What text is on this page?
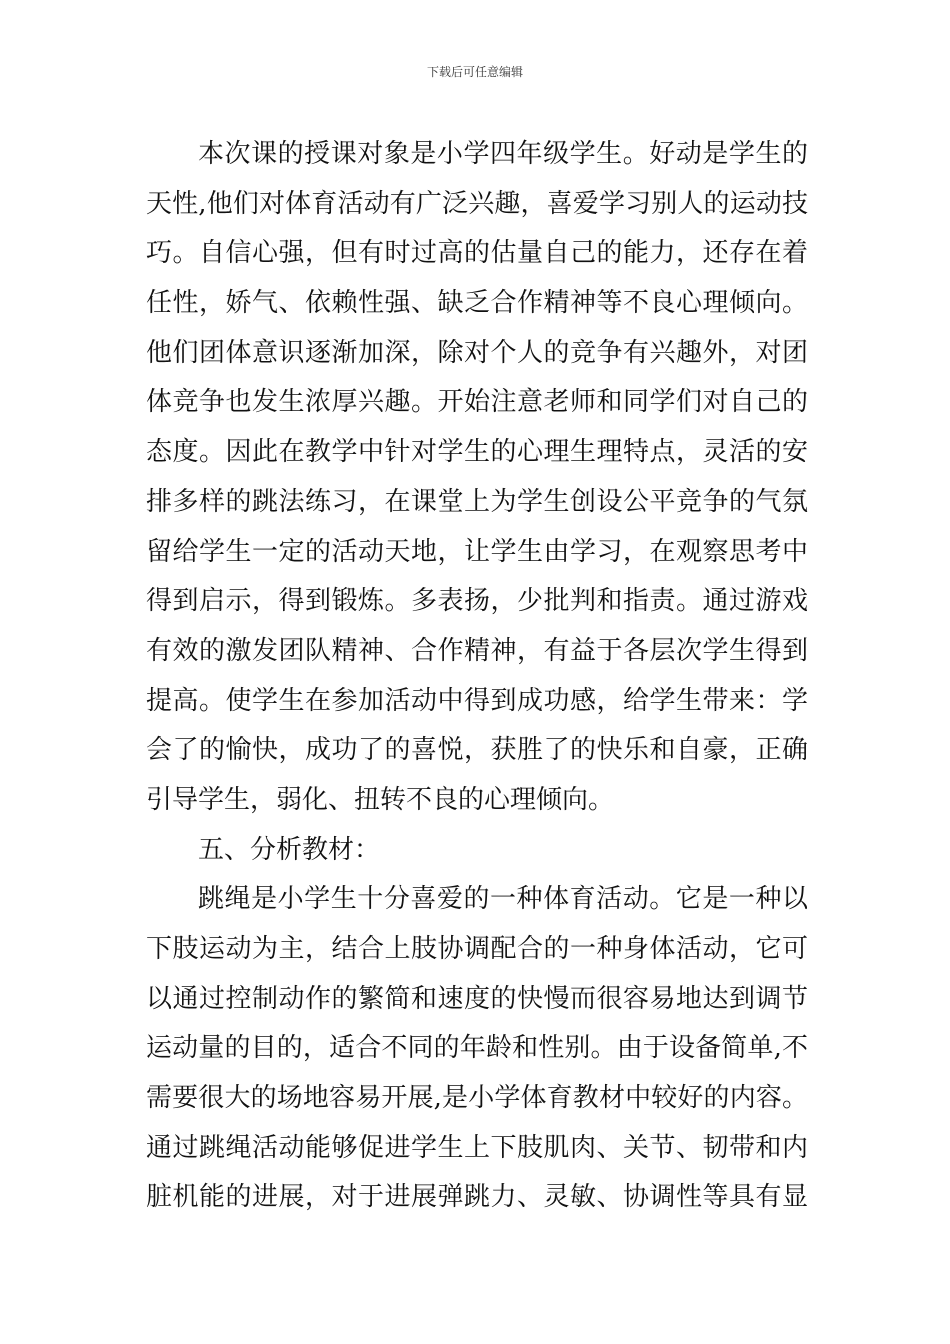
下载后可任意编辑
本次课的授课对象是小学四年级学生。好动是学生的
天性,他们对体育活动有广泛兴趣，喜爱学习别人的运动技
巧。自信心强，但有时过高的估量自己的能力，还存在着
任性，娇气、依赖性强、缺乏合作精神等不良心理倾向。
他们团体意识逐渐加深，除对个人的竞争有兴趣外，对团
体竞争也发生浓厚兴趣。开始注意老师和同学们对自己的
态度。因此在教学中针对学生的心理生理特点，灵活的安
排多样的跳法练习，在课堂上为学生创设公平竞争的气氛
留给学生一定的活动天地，让学生由学习，在观察思考中
得到启示，得到锻炼。多表扬，少批判和指责。通过游戏
有效的激发团队精神、合作精神，有益于各层次学生得到
提高。使学生在参加活动中得到成功感，给学生带来：学
会了的愉快，成功了的喜悦，获胜了的快乐和自豪，正确
引导学生，弱化、扭转不良的心理倾向。
五、分析教材：
跳绳是小学生十分喜爱的一种体育活动。它是一种以
下肢运动为主，结合上肢协调配合的一种身体活动，它可
以通过控制动作的繁简和速度的快慢而很容易地达到调节
运动量的目的，适合不同的年龄和性别。由于设备简单,不
需要很大的场地容易开展,是小学体育教材中较好的内容。
通过跳绳活动能够促进学生上下肢肌肉、关节、韧带和内
脏机能的进展，对于进展弹跳力、灵敏、协调性等具有显
